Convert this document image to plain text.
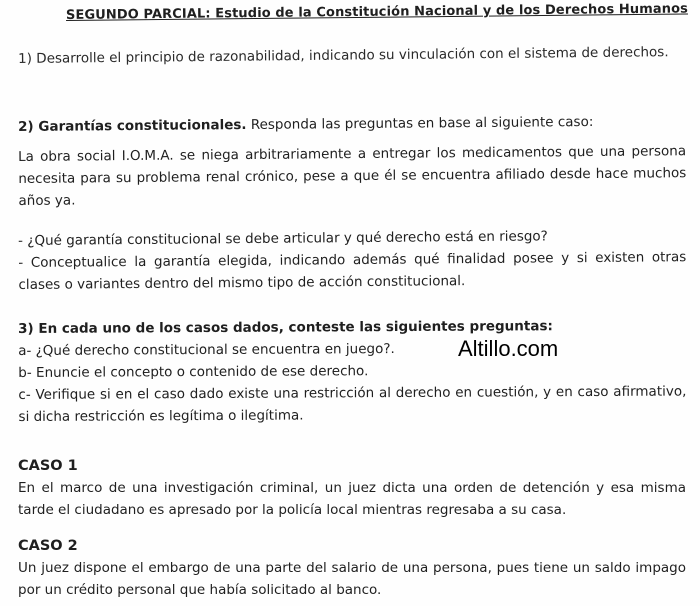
SEGUNDO PARCIAL: Estudio de la Constitución Nacional y de los Derechos Humanos

1) Desarrolle el principio de razonabilidad, indicando su vinculación con el sistema de derechos.

2) Garantías constitucionales. Responda las preguntas en base al siguiente caso:

La obra social I.O.M.A. se niega arbitrariamente a entregar los medicamentos que una persona necesita para su problema renal crónico, pese a que él se encuentra afiliado desde hace muchos años ya.

- ¿Qué garantía constitucional se debe articular y qué derecho está en riesgo?

- Conceptualice la garantía elegida, indicando además qué finalidad posee y si existen otras clases o variantes dentro del mismo tipo de acción constitucional.

3) En cada uno de los casos dados, conteste las siguientes preguntas:

a- ¿Qué derecho constitucional se encuentra en juego?.

b- Enuncie el concepto o contenido de ese derecho.

c- Verifique si en el caso dado existe una restricción al derecho en cuestión, y en caso afirmativo, si dicha restricción es legítima o ilegítima.

CASO 1

En el marco de una investigación criminal, un juez dicta una orden de detención y esa misma tarde el ciudadano es apresado por la policía local mientras regresaba a su casa.

CASO 2

Un juez dispone el embargo de una parte del salario de una persona, pues tiene un saldo impago por un crédito personal que había solicitado al banco.

Altillo.com
